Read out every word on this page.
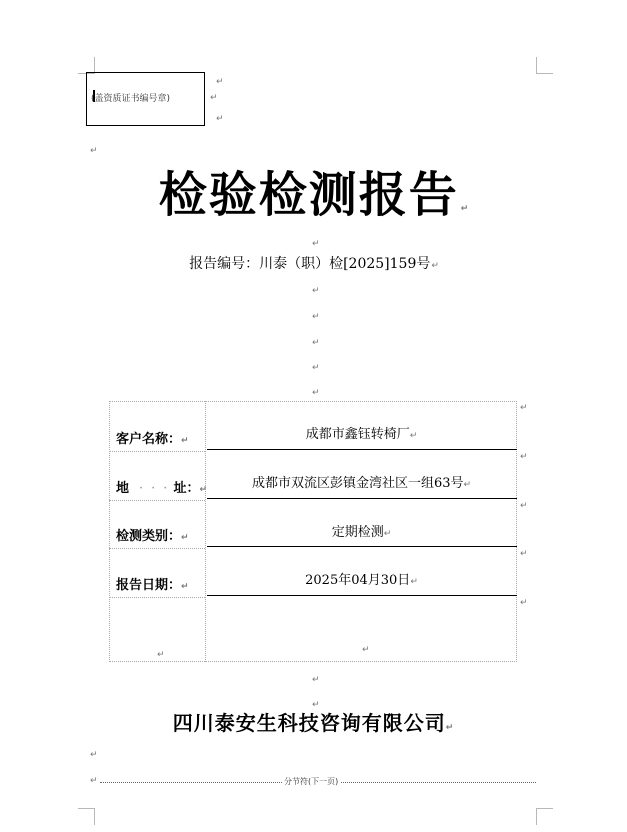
(盖资质证书编号章)	↵
↵
↵
↵
检验检测报告 ↵
↵
报告编号：川泰（职）检[2025]159号↵
↵
↵
↵
↵
↵
客户名称：↵	成都市鑫钰转椅厂↵
地 · · · 址：↵	成都市双流区彭镇金湾社区一组63号↵
检测类别：↵	定期检测↵
报告日期：↵	2025年04月30日↵
↵
↵
↵
↵
↵
↵	↵
↵
↵
四川泰安生科技咨询有限公司↵
↵
↵	分节符(下一页)
